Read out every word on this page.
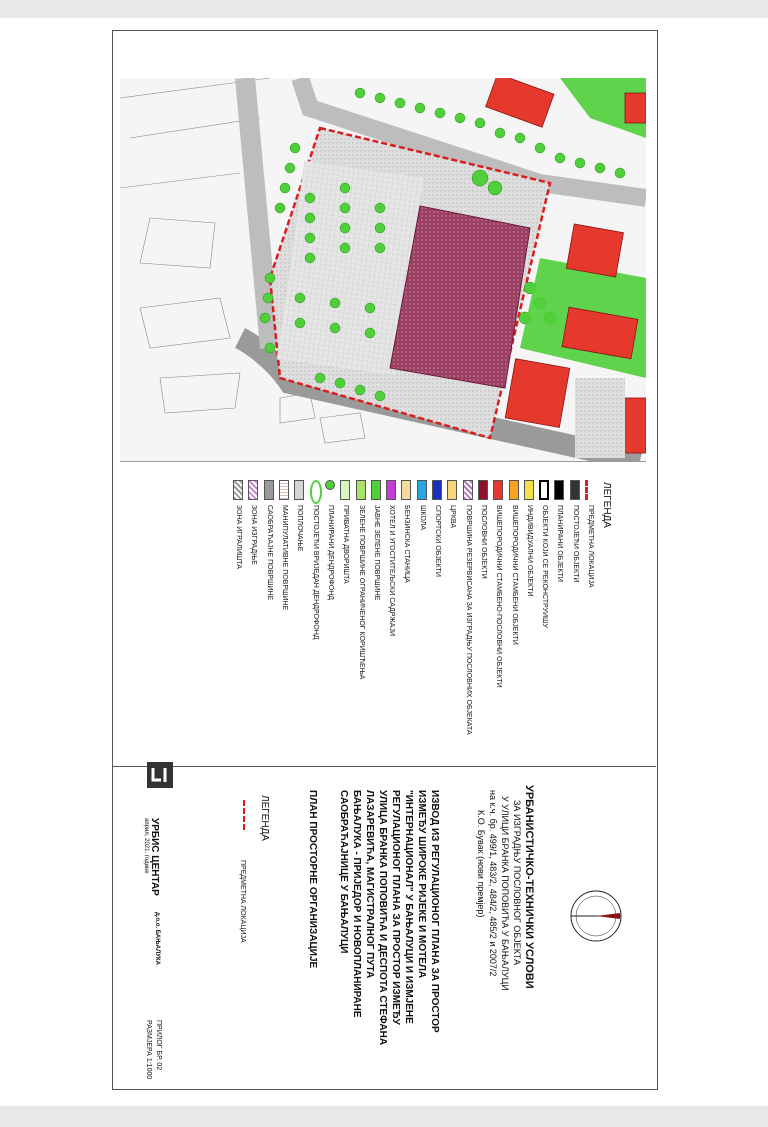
ЛЕГЕНДА
ПРЕДМЕТНА ЛОКАЦИЈА
ПОСТОЈЕЋИ ОБЈЕКТИ
ПЛАНИРАНИ ОБЈЕКТИ
ОБЈЕКТИ КОЈИ СЕ РЕКОНСТРУИШУ
ИНДИВИДУАЛНИ ОБЈЕКТИ
ВИШЕПОРОДИЧНИ СТАМБЕНИ ОБЈЕКТИ
ВИШЕПОРОДИЧНИ СТАМБЕНО-ПОСЛОВНИ ОБЈЕКТИ
ПОСЛОВНИ ОБЈЕКТИ
ПОВРШИНА РЕЗЕРВИСАНА ЗА ИЗГРАДЊУ ПОСЛОВНИХ ОБЈЕКАТА
ЦРКВА
СПОРТСКИ ОБЈЕКТИ
ШКОЛА
БЕНЗИНСКА СТАНИЦА
ХОТЕЛ И УГОСТИТЕЉСКИ САДРЖАЈИ
ЈАВНЕ ЗЕЛЕНЕ ПОВРШИНЕ
ЗЕЛЕНЕ ПОВРШИНЕ ОГРАНИЧЕНОГ КОРИШЋЕЊА
ПРИВАТНА ДВОРИШТА
ПЛАНИРАНИ ДЕНДРОФОНД
ПОСТОЈЕЋИ ВРИЈЕДАН ДЕНДРОФОНД
ПОПЛОЧАЊЕ
МАНИПУЛАТИВНЕ ПОВРШИНЕ
САОБРАЋАЈНЕ ПОВРШИНЕ
ЗОНА ИЗГРАДЊЕ
ЗОНА ИГРАЛИШТА
УРБАНИСТИЧКО-ТЕХНИЧКИ УСЛОВИ
ЗА ИЗГРАДЊУ ПОСЛОВНОГ ОБЈЕКТА
У УЛИЦИ БРАНКА ПОПОВИЋА У БАЊАЛУЦИ
на к.ч. бр. 499/1, 483/2, 484/2, 485/2 и 2007/2
К.О. Бувак (нови премјер)
ИЗВОД ИЗ РЕГУЛАЦИОНОГ ПЛАНА ЗА ПРОСТОР
ИЗМЕЂУ ШИРОКЕ РИЈЕКЕ И МОТЕЛА
"ИНТЕРНАЦИОНАЛ" У БАЊАЛУЦИ И ИЗМЈЕНЕ
РЕГУЛАЦИОНОГ ПЛАНА ЗА ПРОСТОР ИЗМЕЂУ
УЛИЦА БРАНКА ПОПОВИЋА И ДЕСПОТА СТЕФАНА
ЛАЗАРЕВИЋА, МАГИСТРАЛНОГ ПУТА
БАЊАЛУКА - ПРИЈЕДОР И НОВОПЛАНИРАНЕ
САОБРАЋАЈНИЦЕ У БАЊАЛУЦИ
ПЛАН ПРОСТОРНЕ ОРГАНИЗАЦИЈЕ
ЛЕГЕНДА
ПРЕДМЕТНА ЛОКАЦИЈА
УРБИС ЦЕНТАР
д.о.о. БАЊАЛУКА
април, 2021. године
ПРИЛОГ БР. 02
РАЗМЈЕРА 1:1000
